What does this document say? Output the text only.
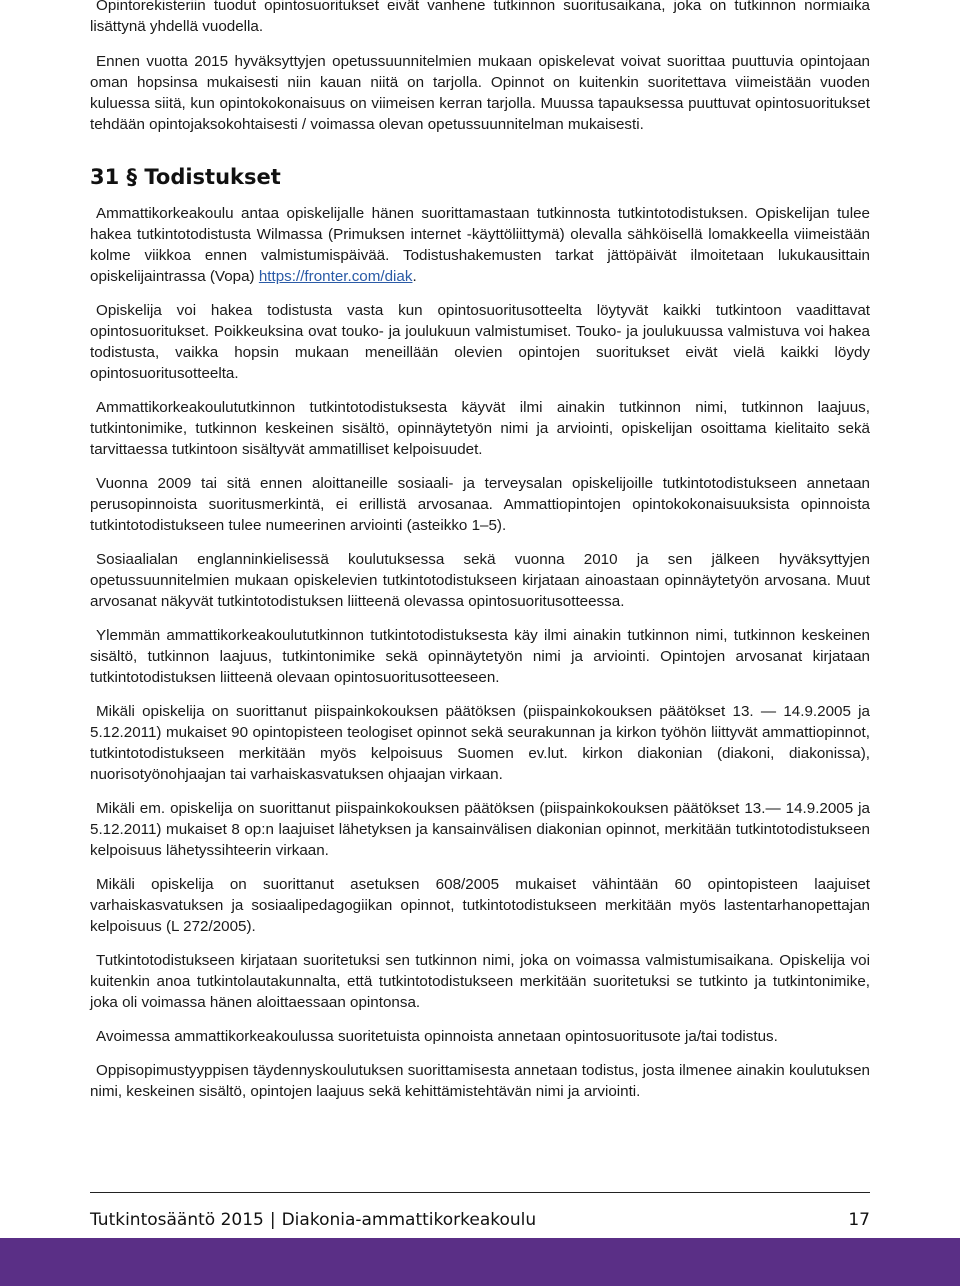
Opintorekisteriin tuodut opintosuoritukset eivät vanhene tutkinnon suoritusaikana, joka on tutkinnon normiaika lisättynä yhdellä vuodella.

Ennen vuotta 2015 hyväksyttyjen opetussuunnitelmien mukaan opiskelevat voivat suorittaa puuttuvia opintojaan oman hopsinsa mukaisesti niin kauan niitä on tarjolla. Opinnot on kuitenkin suoritettava viimeistään vuoden kuluessa siitä, kun opintokokonaisuus on viimeisen kerran tarjolla. Muussa tapauksessa puuttuvat opintosuoritukset tehdään opintojaksokohtaisesti / voimassa olevan opetussuunnitelman mukaisesti.

31 § Todistukset

Ammattikorkeakoulu antaa opiskelijalle hänen suorittamastaan tutkinnosta tutkintotodistuksen. Opiskelijan tulee hakea tutkintotodistusta Wilmassa (Primuksen internet -käyttöliittymä) olevalla sähköisellä lomakkeella viimeistään kolme viikkoa ennen valmistumispäivää. Todistushakemusten tarkat jättöpäivät ilmoitetaan lukukausittain opiskelijaintrassa (Vopa) https://fronter.com/diak.

Opiskelija voi hakea todistusta vasta kun opintosuoritusotteelta löytyvät kaikki tutkintoon vaadittavat opintosuoritukset. Poikkeuksina ovat touko- ja joulukuun valmistumiset. Touko- ja joulukuussa valmistuva voi hakea todistusta, vaikka hopsin mukaan meneillään olevien opintojen suoritukset eivät vielä kaikki löydy opintosuoritusotteelta.

Ammattikorkeakoulututkinnon tutkintotodistuksesta käyvät ilmi ainakin tutkinnon nimi, tutkinnon laajuus, tutkintonimike, tutkinnon keskeinen sisältö, opinnäytetyön nimi ja arviointi, opiskelijan osoittama kielitaito sekä tarvittaessa tutkintoon sisältyvät ammatilliset kelpoisuudet.

Vuonna 2009 tai sitä ennen aloittaneille sosiaali- ja terveysalan opiskelijoille tutkintotodistukseen annetaan perusopinnoista suoritusmerkintä, ei erillistä arvosanaa. Ammattiopintojen opintokokonaisuuksista opinnoista tutkintotodistukseen tulee numeerinen arviointi (asteikko 1–5).

Sosiaalialan englanninkielisessä koulutuksessa sekä vuonna 2010 ja sen jälkeen hyväksyttyjen opetussuunnitelmien mukaan opiskelevien tutkintotodistukseen kirjataan ainoastaan opinnäytetyön arvosana. Muut arvosanat näkyvät tutkintotodistuksen liitteenä olevassa opintosuoritusotteessa.

Ylemmän ammattikorkeakoulututkinnon tutkintotodistuksesta käy ilmi ainakin tutkinnon nimi, tutkinnon keskeinen sisältö, tutkinnon laajuus, tutkintonimike sekä opinnäytetyön nimi ja arviointi. Opintojen arvosanat kirjataan tutkintotodistuksen liitteenä olevaan opintosuoritusotteeseen.

Mikäli opiskelija on suorittanut piispainkokouksen päätöksen (piispainkokouksen päätökset 13. — 14.9.2005 ja 5.12.2011) mukaiset 90 opintopisteen teologiset opinnot sekä seurakunnan ja kirkon työhön liittyvät ammattiopinnot, tutkintotodistukseen merkitään myös kelpoisuus Suomen ev.lut. kirkon diakonian (diakoni, diakonissa), nuorisotyönohjaajan tai varhaiskasvatuksen ohjaajan virkaan.

Mikäli em. opiskelija on suorittanut piispainkokouksen päätöksen (piispainkokouksen päätökset 13.— 14.9.2005 ja 5.12.2011) mukaiset 8 op:n laajuiset lähetyksen ja kansainvälisen diakonian opinnot, merkitään tutkintotodistukseen kelpoisuus lähetyssihteerin virkaan.

Mikäli opiskelija on suorittanut asetuksen 608/2005 mukaiset vähintään 60 opintopisteen laajuiset varhaiskasvatuksen ja sosiaalipedagogiikan opinnot, tutkintotodistukseen merkitään myös lastentarhanopettajan kelpoisuus (L 272/2005).

Tutkintotodistukseen kirjataan suoritetuksi sen tutkinnon nimi, joka on voimassa valmistumisaikana. Opiskelija voi kuitenkin anoa tutkintolautakunnalta, että tutkintotodistukseen merkitään suoritetuksi se tutkinto ja tutkintonimike, joka oli voimassa hänen aloittaessaan opintonsa.

Avoimessa ammattikorkeakoulussa suoritetuista opinnoista annetaan opintosuoritusote ja/tai todistus.

Oppisopimustyyppisen täydennyskoulutuksen suorittamisesta annetaan todistus, josta ilmenee ainakin koulutuksen nimi, keskeinen sisältö, opintojen laajuus sekä kehittämistehtävän nimi ja arviointi.

Tutkintosääntö 2015 | Diakonia-ammattikorkeakoulu	17
